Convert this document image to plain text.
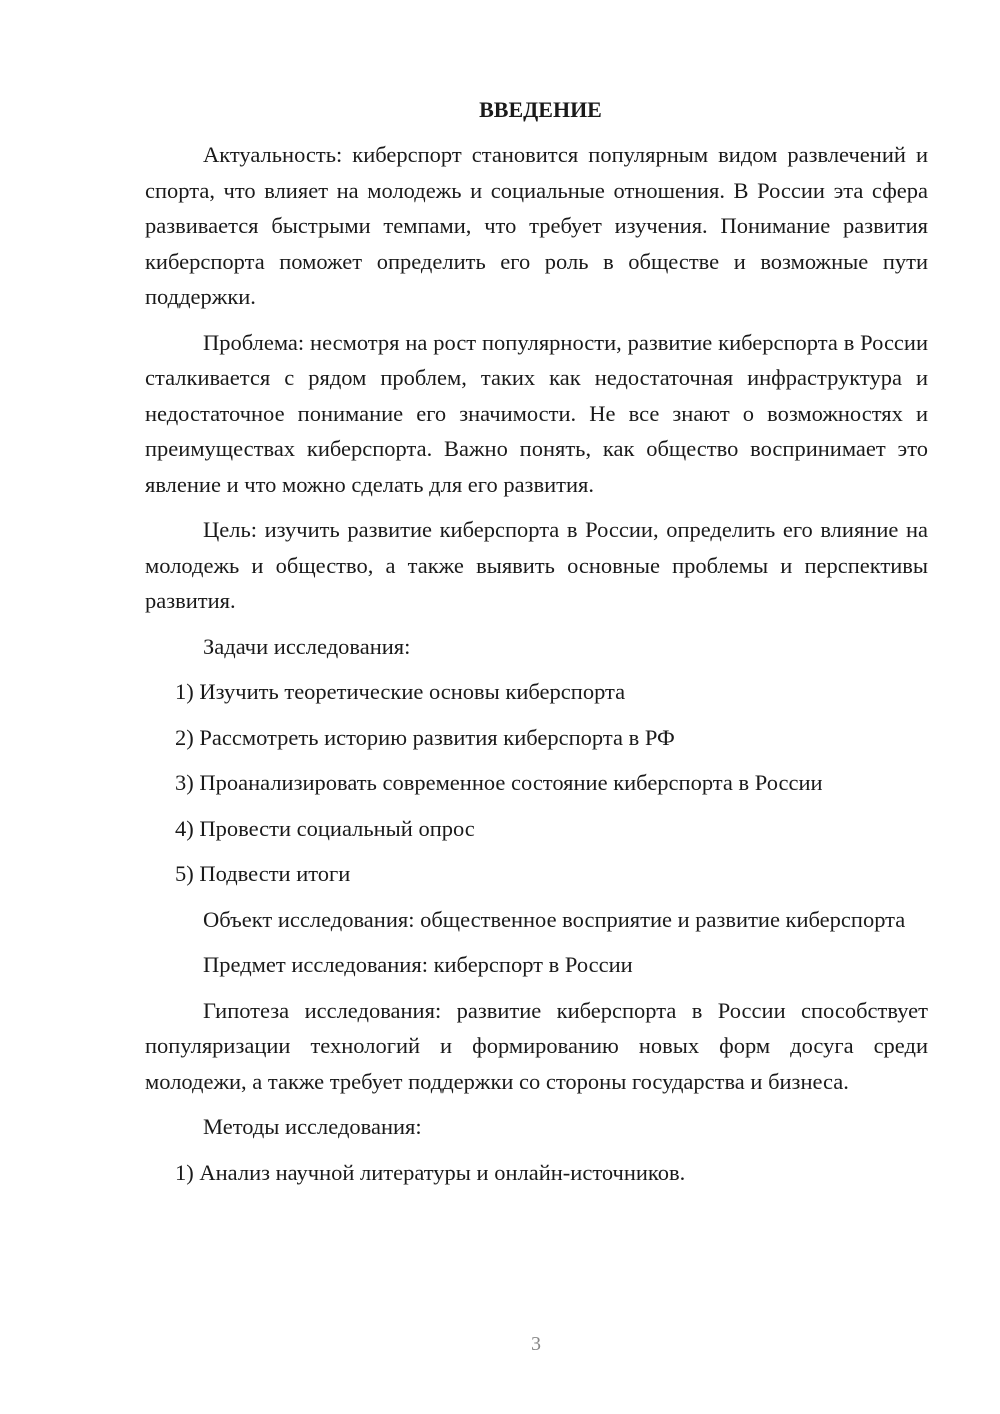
ВВЕДЕНИЕ

Актуальность: киберспорт становится популярным видом развлечений и спорта, что влияет на молодежь и социальные отношения. В России эта сфера развивается быстрыми темпами, что требует изучения. Понимание развития киберспорта поможет определить его роль в обществе и возможные пути поддержки.

Проблема: несмотря на рост популярности, развитие киберспорта в России сталкивается с рядом проблем, таких как недостаточная инфраструктура и недостаточное понимание его значимости. Не все знают о возможностях и преимуществах киберспорта. Важно понять, как общество воспринимает это явление и что можно сделать для его развития.

Цель: изучить развитие киберспорта в России, определить его влияние на молодежь и общество, а также выявить основные проблемы и перспективы развития.

Задачи исследования:

1) Изучить теоретические основы киберспорта
2) Рассмотреть историю развития киберспорта в РФ
3) Проанализировать современное состояние киберспорта в России
4) Провести социальный опрос
5) Подвести итоги

Объект исследования: общественное восприятие и развитие киберспорта

Предмет исследования: киберспорт в России

Гипотеза исследования: развитие киберспорта в России способствует популяризации технологий и формированию новых форм досуга среди молодежи, а также требует поддержки со стороны государства и бизнеса.

Методы исследования:

1) Анализ научной литературы и онлайн-источников.
3
